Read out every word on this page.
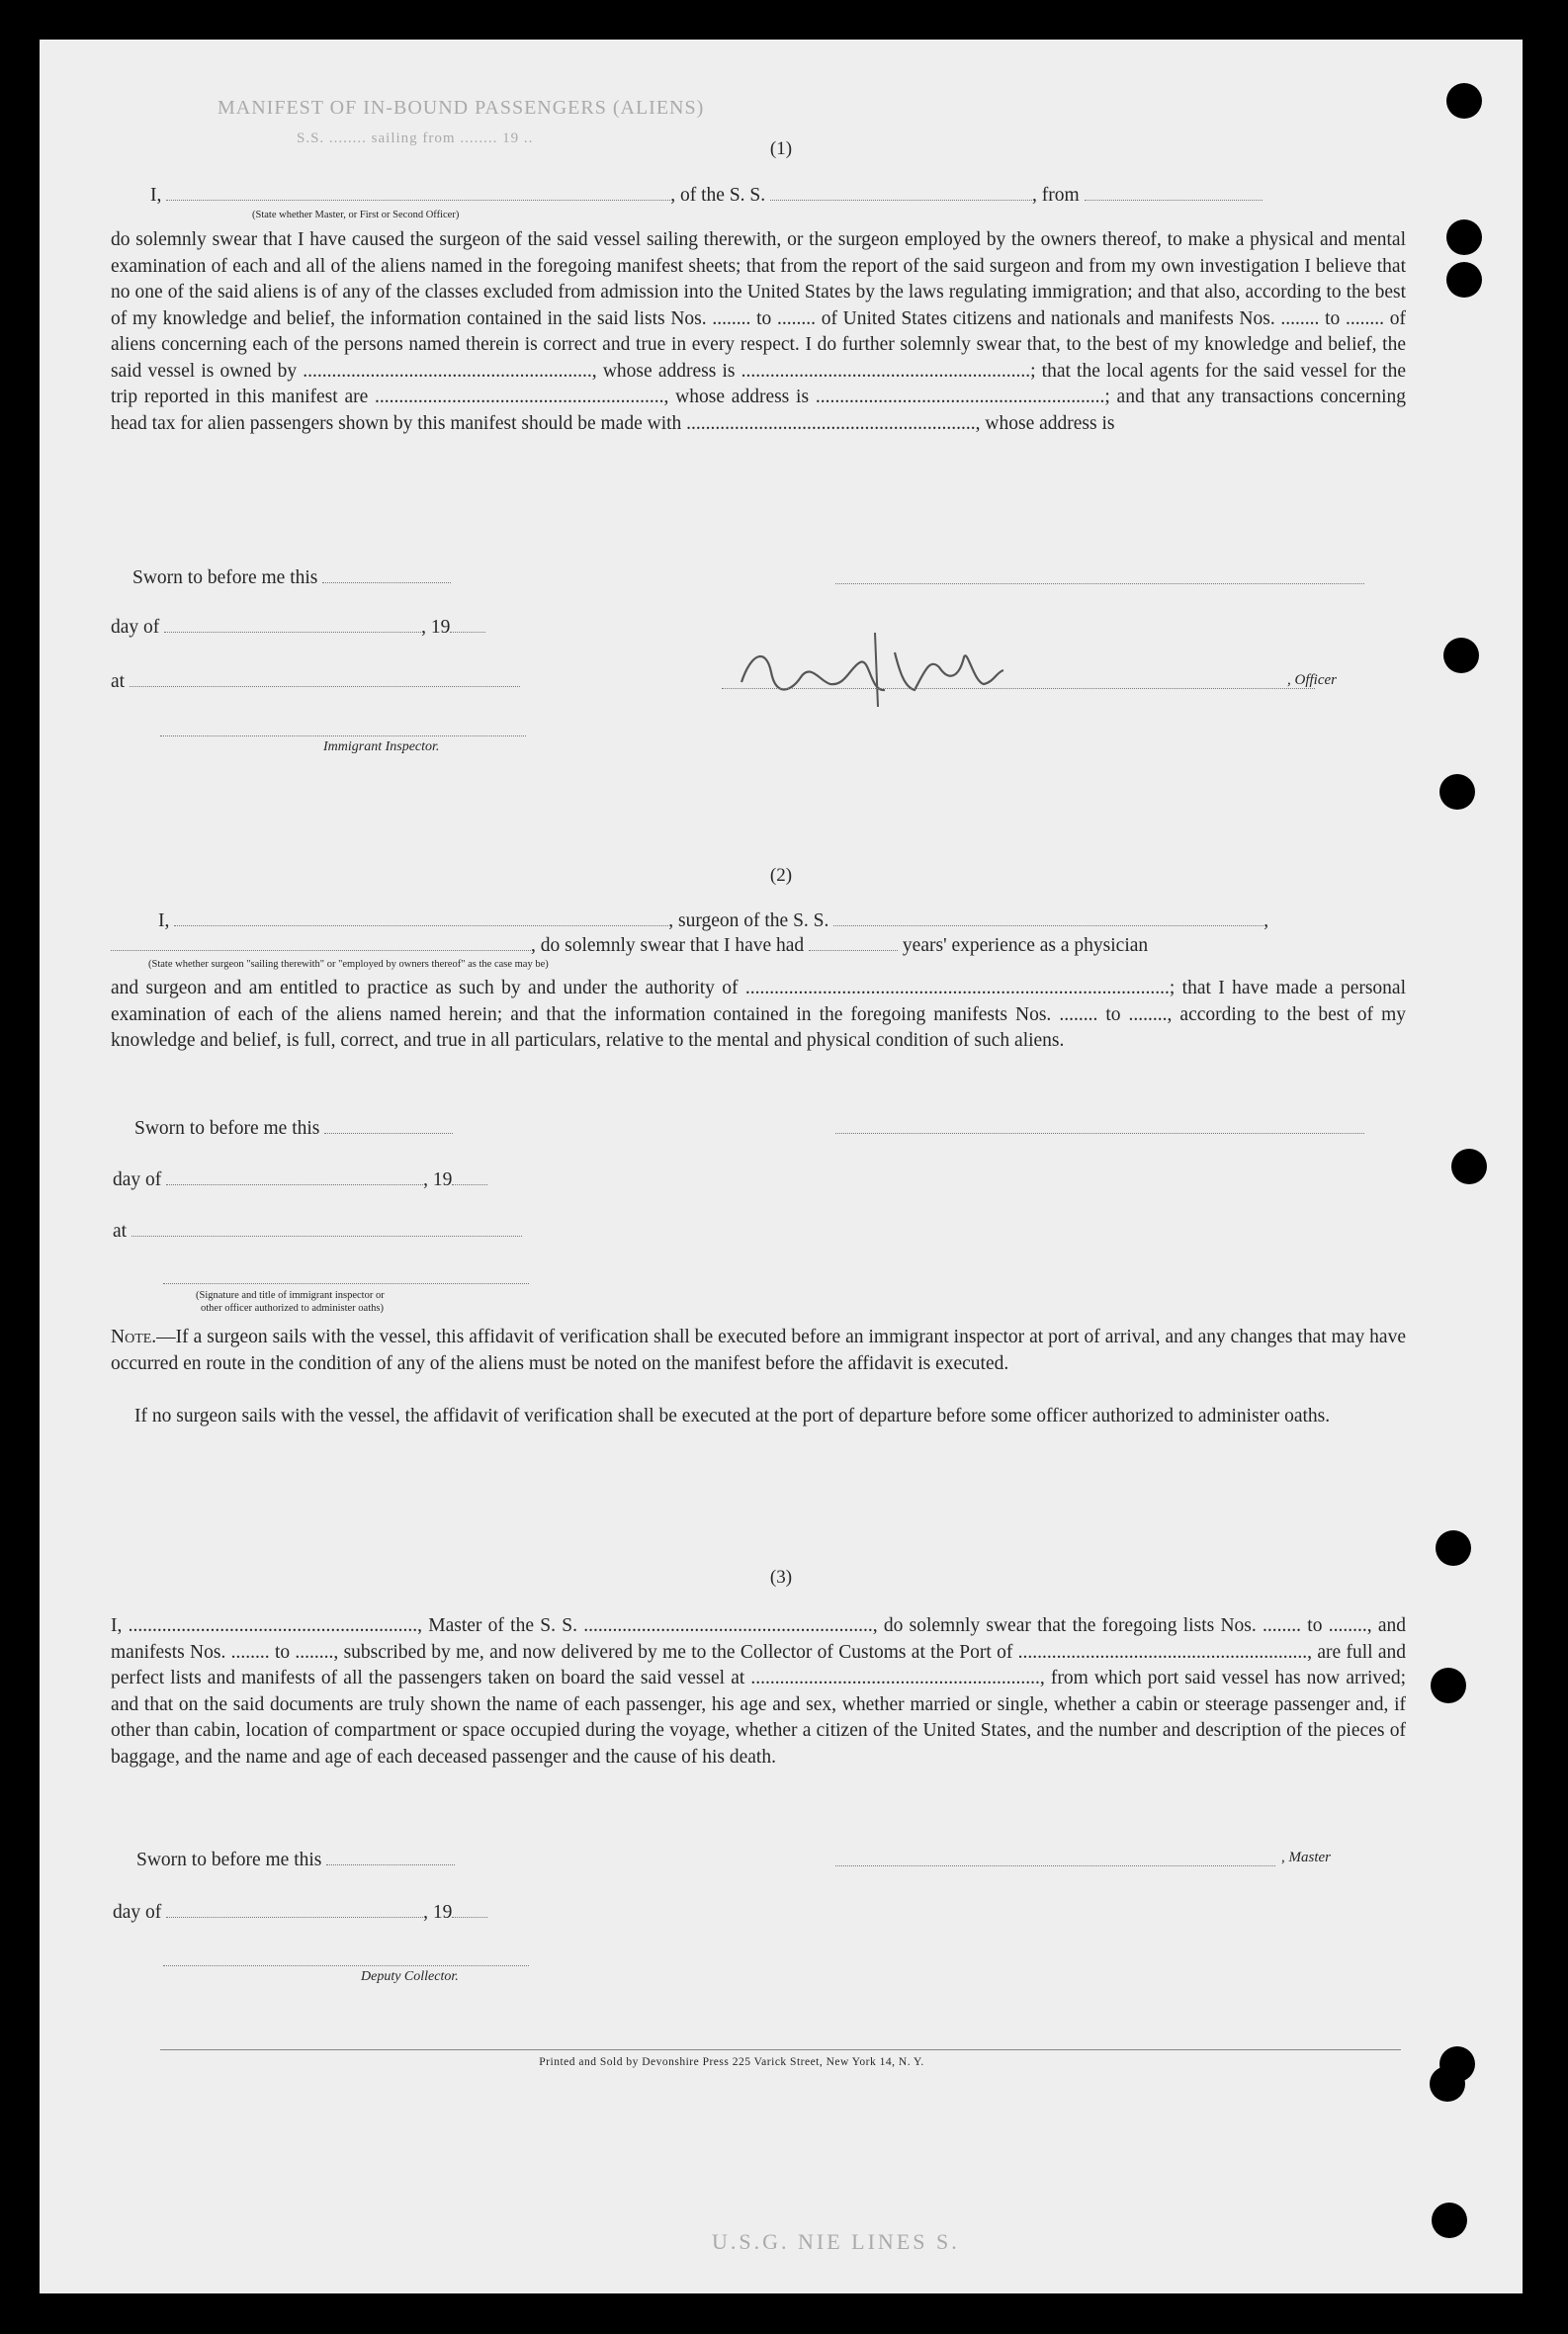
MANIFEST OF IN-BOUND PASSENGERS (ALIENS)
S.S. ........ sailing from ........ 19 ..	(1)
I,	, of the S. S.	, from
(State whether Master, or First or Second Officer)
do solemnly swear that I have caused the surgeon of the said vessel sailing therewith, or the surgeon employed by the owners thereof, to make a physical and mental examination of each and all of the aliens named in the foregoing manifest sheets; that from the report of the said surgeon and from my own investigation I believe that no one of the said aliens is of any of the classes excluded from admission into the United States by the laws regulating immigration; and that also, according to the best of my knowledge and belief, the information contained in the said lists Nos. ........ to ........ of United States citizens and nationals and manifests Nos. ........ to ........ of aliens concerning each of the persons named therein is correct and true in every respect. I do further solemnly swear that, to the best of my knowledge and belief, the said vessel is owned by ............................................................, whose address is ............................................................; that the local agents for the said vessel for the trip reported in this manifest are ............................................................, whose address is ............................................................; and that any transactions concerning head tax for alien passengers shown by this manifest should be made with ............................................................, whose address is
Sworn to before me this
day of	, 19
at	, Officer
Immigrant Inspector.
(2)
I,	, surgeon of the S. S.	,
, do solemnly swear that I have had	years' experience as a physician
(State whether surgeon "sailing therewith" or "employed by owners thereof" as the case may be)
and surgeon and am entitled to practice as such by and under the authority of ........................................................................................; that I have made a personal examination of each of the aliens named herein; and that the information contained in the foregoing manifests Nos. ........ to ........, according to the best of my knowledge and belief, is full, correct, and true in all particulars, relative to the mental and physical condition of such aliens.
Sworn to before me this
day of	, 19
at
(Signature and title of immigrant inspector or
other officer authorized to administer oaths)
Note.—If a surgeon sails with the vessel, this affidavit of verification shall be executed before an immigrant inspector at port of arrival, and any changes that may have occurred en route in the condition of any of the aliens must be noted on the manifest before the affidavit is executed.
If no surgeon sails with the vessel, the affidavit of verification shall be executed at the port of departure before some officer authorized to administer oaths.
(3)
I, ............................................................, Master of the S. S. ............................................................, do solemnly swear that the foregoing lists Nos. ........ to ........, and manifests Nos. ........ to ........, subscribed by me, and now delivered by me to the Collector of Customs at the Port of ............................................................, are full and perfect lists and manifests of all the passengers taken on board the said vessel at ............................................................, from which port said vessel has now arrived; and that on the said documents are truly shown the name of each passenger, his age and sex, whether married or single, whether a cabin or steerage passenger and, if other than cabin, location of compartment or space occupied during the voyage, whether a citizen of the United States, and the number and description of the pieces of baggage, and the name and age of each deceased passenger and the cause of his death.
Sworn to before me this	, Master
day of	, 19
Deputy Collector.
Printed and Sold by Devonshire Press 225 Varick Street, New York 14, N. Y.
U.S.G. NIE LINES S.
